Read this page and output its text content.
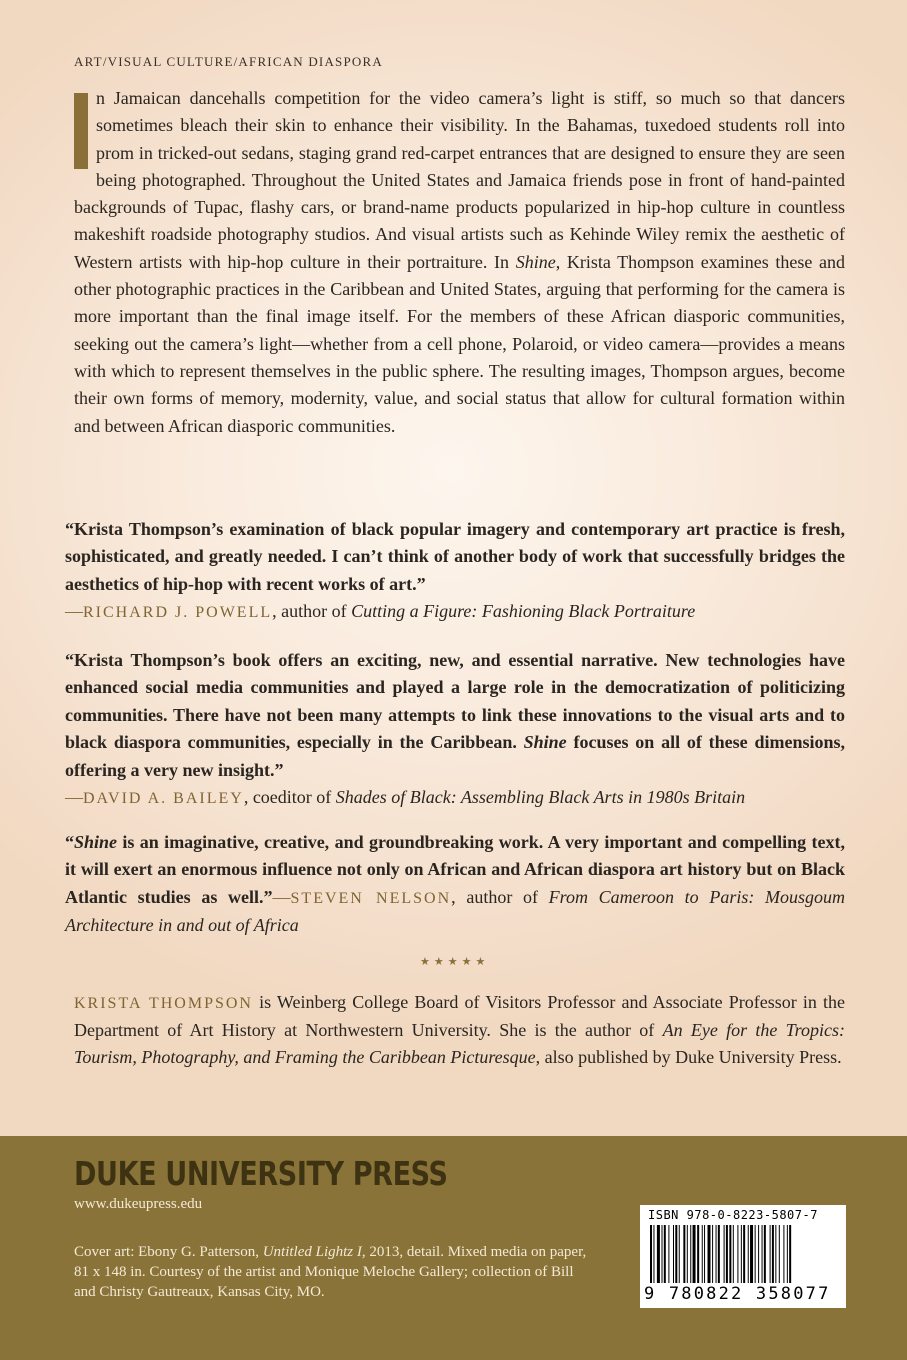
ART/VISUAL CULTURE/AFRICAN DIASPORA

n Jamaican dancehalls competition for the video camera’s light is stiff, so much so that dancers sometimes bleach their skin to enhance their visibility. In the Bahamas, tuxedoed students roll into prom in tricked-out sedans, staging grand red-carpet entrances that are designed to ensure they are seen being photographed. Throughout the United States and Jamaica friends pose in front of hand-painted backgrounds of Tupac, flashy cars, or brand-name products popularized in hip-hop culture in countless makeshift roadside photography studios. And visual artists such as Kehinde Wiley remix the aesthetic of Western artists with hip-hop culture in their portraiture. In Shine, Krista Thompson examines these and other photographic practices in the Caribbean and United States, arguing that performing for the camera is more important than the final image itself. For the members of these African diasporic communities, seeking out the camera’s light—whether from a cell phone, Polaroid, or video camera—provides a means with which to represent themselves in the public sphere. The resulting images, Thompson argues, become their own forms of memory, modernity, value, and social status that allow for cultural formation within and between African diasporic communities.

“Krista Thompson’s examination of black popular imagery and contemporary art practice is fresh, sophisticated, and greatly needed. I can’t think of another body of work that successfully bridges the aesthetics of hip-hop with recent works of art.”
—RICHARD J. POWELL, author of Cutting a Figure: Fashioning Black Portraiture

“Krista Thompson’s book offers an exciting, new, and essential narrative. New technologies have enhanced social media communities and played a large role in the democratization of politicizing communities. There have not been many attempts to link these innovations to the visual arts and to black diaspora communities, especially in the Caribbean. Shine focuses on all of these dimensions, offering a very new insight.”
—DAVID A. BAILEY, coeditor of Shades of Black: Assembling Black Arts in 1980s Britain

“Shine is an imaginative, creative, and groundbreaking work. A very important and compelling text, it will exert an enormous influence not only on African and African diaspora art history but on Black Atlantic studies as well.”—STEVEN NELSON, author of From Cameroon to Paris: Mousgoum Architecture in and out of Africa

★★★★★

KRISTA THOMPSON is Weinberg College Board of Visitors Professor and Associate Professor in the Department of Art History at Northwestern University. She is the author of An Eye for the Tropics: Tourism, Photography, and Framing the Caribbean Picturesque, also published by Duke University Press.

DUKE UNIVERSITY PRESS
www.dukeupress.edu
Cover art: Ebony G. Patterson, Untitled Lightz I, 2013, detail. Mixed media on paper, 81 x 148 in. Courtesy of the artist and Monique Meloche Gallery; collection of Bill and Christy Gautreaux, Kansas City, MO.
ISBN 978-0-8223-5807-7
9 780822 358077
